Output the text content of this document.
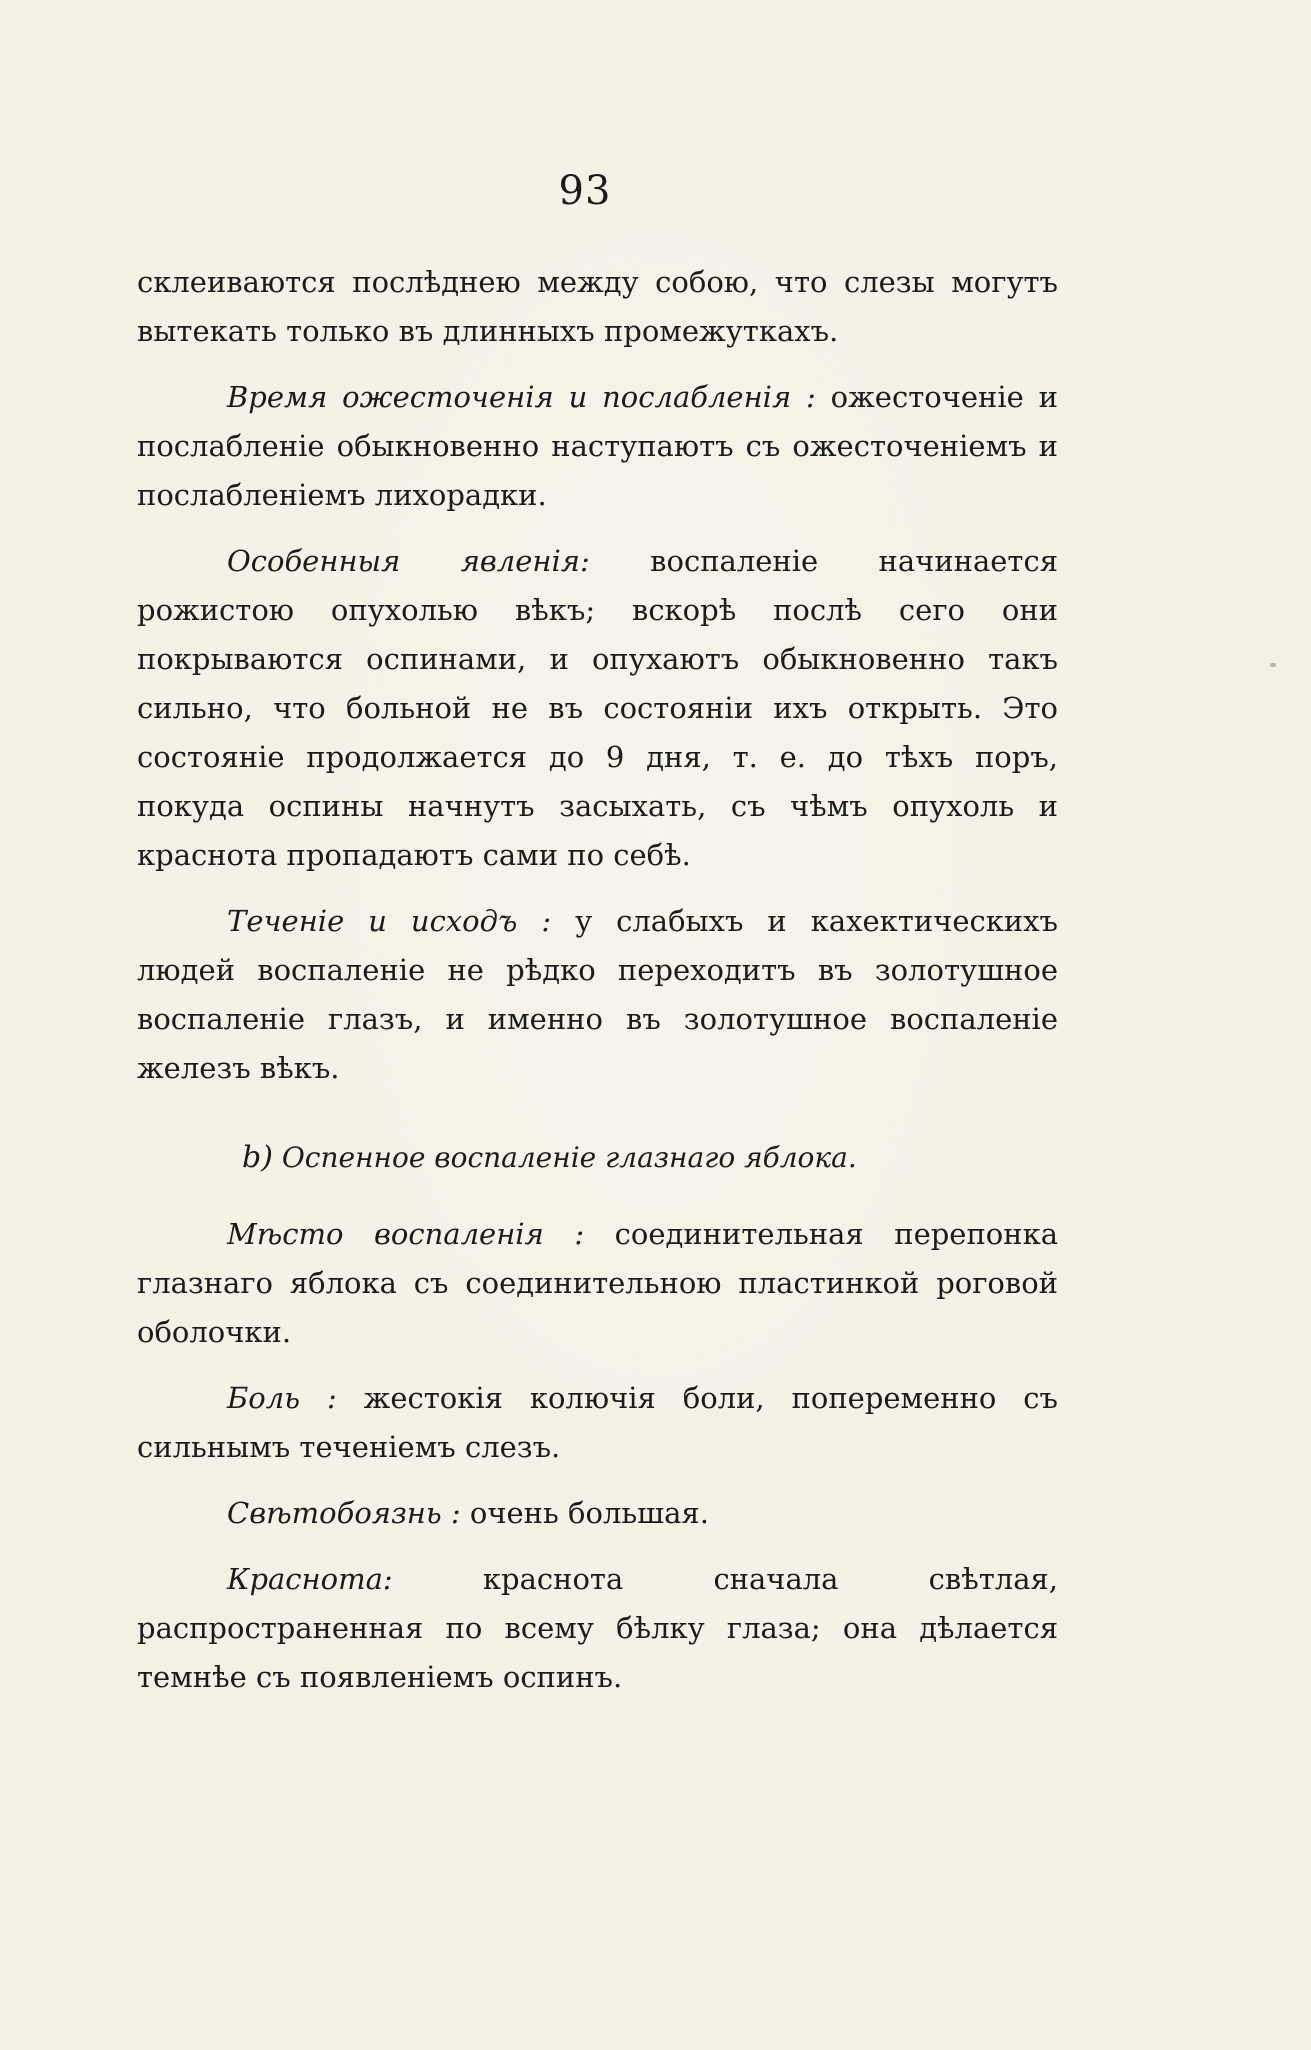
93

склеиваются послѣднею между собою, что слезы могутъ вытекать только въ длинныхъ промежуткахъ.

Время ожесточенія и послабленія : ожесточеніе и послабленіе обыкновенно наступаютъ съ ожесточеніемъ и послабленіемъ лихорадки.

Особенныя явленія: воспаленіе начинается рожистою опухолью вѣкъ; вскорѣ послѣ сего они покрываются оспинами, и опухаютъ обыкновенно такъ сильно, что больной не въ состояніи ихъ открыть. Это состояніе продолжается до 9 дня, т. е. до тѣхъ поръ, покуда оспины начнутъ засыхать, съ чѣмъ опухоль и краснота пропадаютъ сами по себѣ.

Теченіе и исходъ : у слабыхъ и кахектическихъ людей воспаленіе не рѣдко переходитъ въ золотушное воспаленіе глазъ, и именно въ золотушное воспаленіе железъ вѣкъ.

b) Оспенное воспаленіе глазнаго яблока.

Мѣсто воспаленія : соединительная перепонка глазнаго яблока съ соединительною пластинкой роговой оболочки.

Боль : жестокія колючія боли, попеременно съ сильнымъ теченіемъ слезъ.

Свѣтобоязнь : очень большая.

Краснота:	краснота сначала свѣтлая, распространенная по всему бѣлку глаза; она дѣлается темнѣе съ появленіемъ оспинъ.
